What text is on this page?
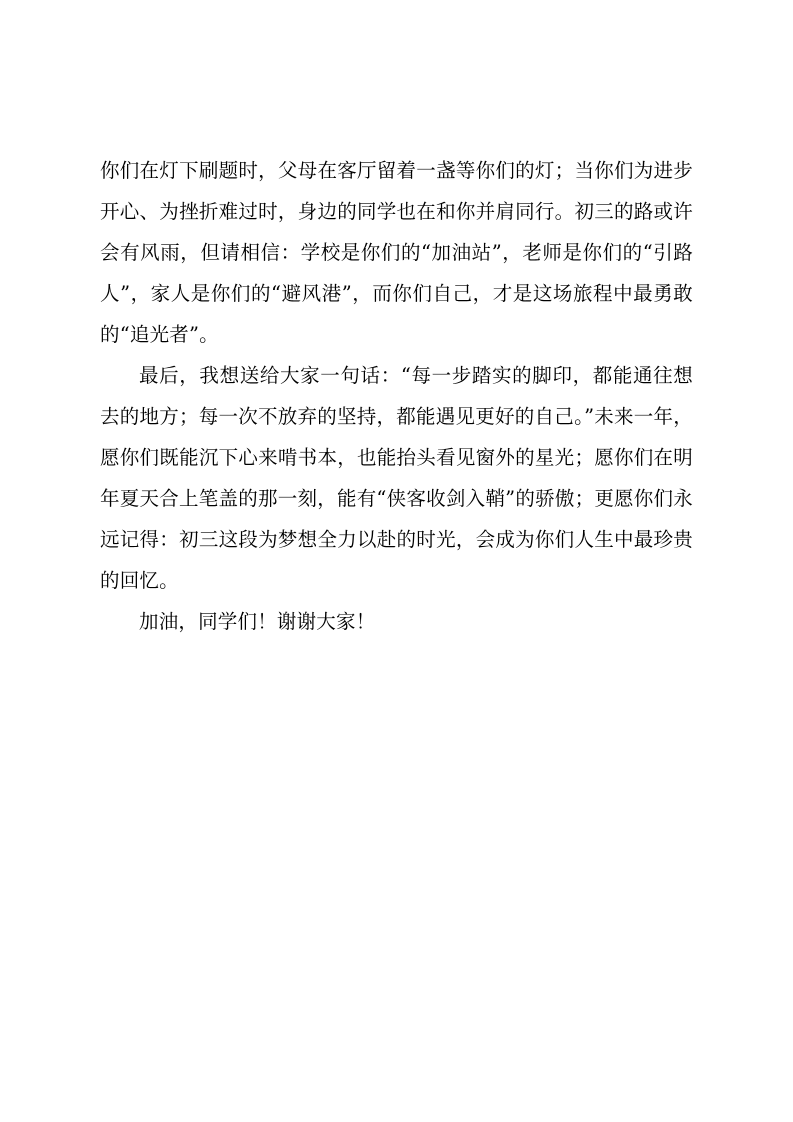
你们在灯下刷题时，父母在客厅留着一盏等你们的灯；当你们为进步开心、为挫折难过时，身边的同学也在和你并肩同行。初三的路或许会有风雨，但请相信：学校是你们的“加油站”，老师是你们的“引路人”，家人是你们的“避风港”，而你们自己，才是这场旅程中最勇敢的“追光者”。

最后，我想送给大家一句话：“每一步踏实的脚印，都能通往想去的地方；每一次不放弃的坚持，都能遇见更好的自己。”未来一年，愿你们既能沉下心来啃书本，也能抬头看见窗外的星光；愿你们在明年夏天合上笔盖的那一刻，能有“侠客收剑入鞘”的骄傲；更愿你们永远记得：初三这段为梦想全力以赴的时光，会成为你们人生中最珍贵的回忆。

加油，同学们！谢谢大家！
